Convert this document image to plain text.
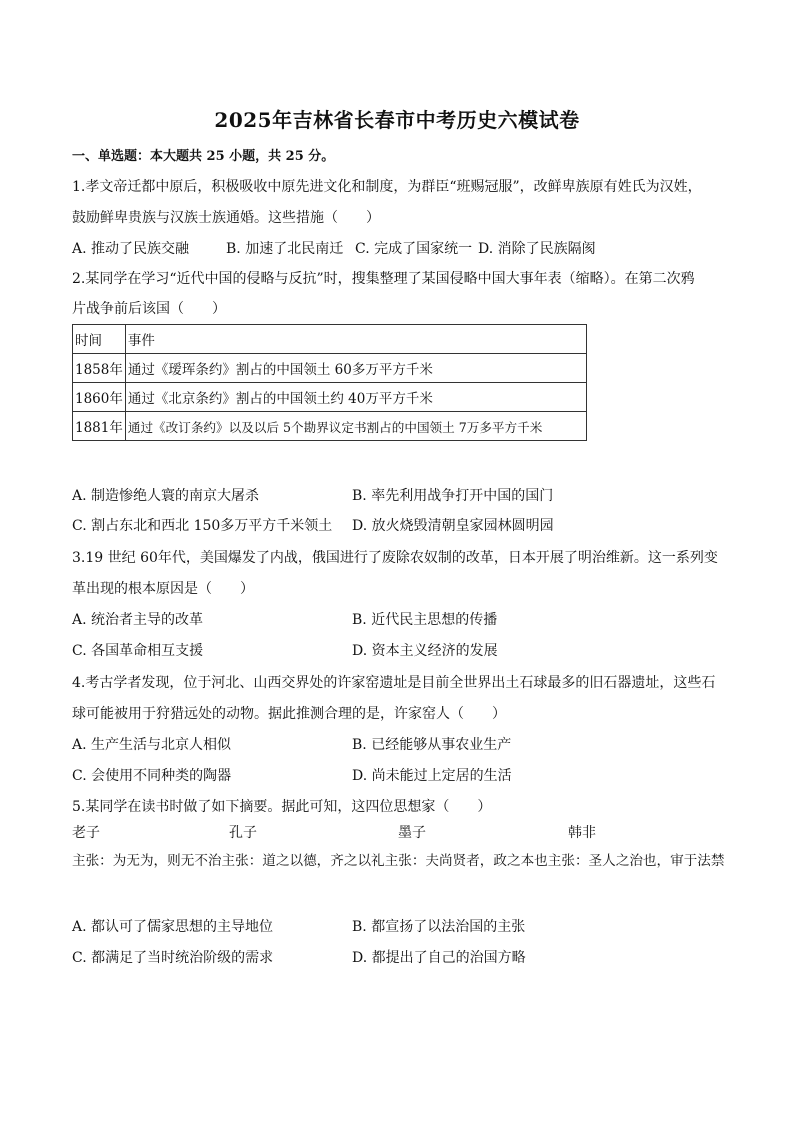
2025年吉林省长春市中考历史六模试卷
一、单选题：本大题共 25 小题，共 25 分。
1.孝文帝迁都中原后，积极吸收中原先进文化和制度，为群臣“班赐冠服”，改鲜卑族原有姓氏为汉姓，
鼓励鲜卑贵族与汉族士族通婚。这些措施（　　）
A. 推动了民族交融	B. 加速了北民南迁 C. 完成了国家统一 D. 消除了民族隔阂
2.某同学在学习“近代中国的侵略与反抗”时，搜集整理了某国侵略中国大事年表（缩略）。在第二次鸦
片战争前后该国（　　）
时间	事件
1858年	通过《瑷珲条约》割占的中国领土 60多万平方千米
1860年	通过《北京条约》割占的中国领土约 40万平方千米
1881年	通过《改订条约》以及以后 5个勘界议定书割占的中国领土 7万多平方千米
A. 制造惨绝人寰的南京大屠杀	B. 率先利用战争打开中国的国门
C. 割占东北和西北 150多万平方千米领土 D. 放火烧毁清朝皇家园林圆明园
3.19 世纪 60年代，美国爆发了内战，俄国进行了废除农奴制的改革，日本开展了明治维新。这一系列变
革出现的根本原因是（　　）
A. 统治者主导的改革	B. 近代民主思想的传播
C. 各国革命相互支援	D. 资本主义经济的发展
4.考古学者发现，位于河北、山西交界处的许家窑遗址是目前全世界出土石球最多的旧石器遗址，这些石
球可能被用于狩猎远处的动物。据此推测合理的是，许家窑人（　　）
A. 生产生活与北京人相似	B. 已经能够从事农业生产
C. 会使用不同种类的陶器	D. 尚未能过上定居的生活
5.某同学在读书时做了如下摘要。据此可知，这四位思想家（　　）
老子	孔子	墨子	韩非
主张：为无为，则无不治主张：道之以德，齐之以礼主张：夫尚贤者，政之本也主张：圣人之治也，审于法禁
A. 都认可了儒家思想的主导地位	B. 都宣扬了以法治国的主张
C. 都满足了当时统治阶级的需求	D. 都提出了自己的治国方略
